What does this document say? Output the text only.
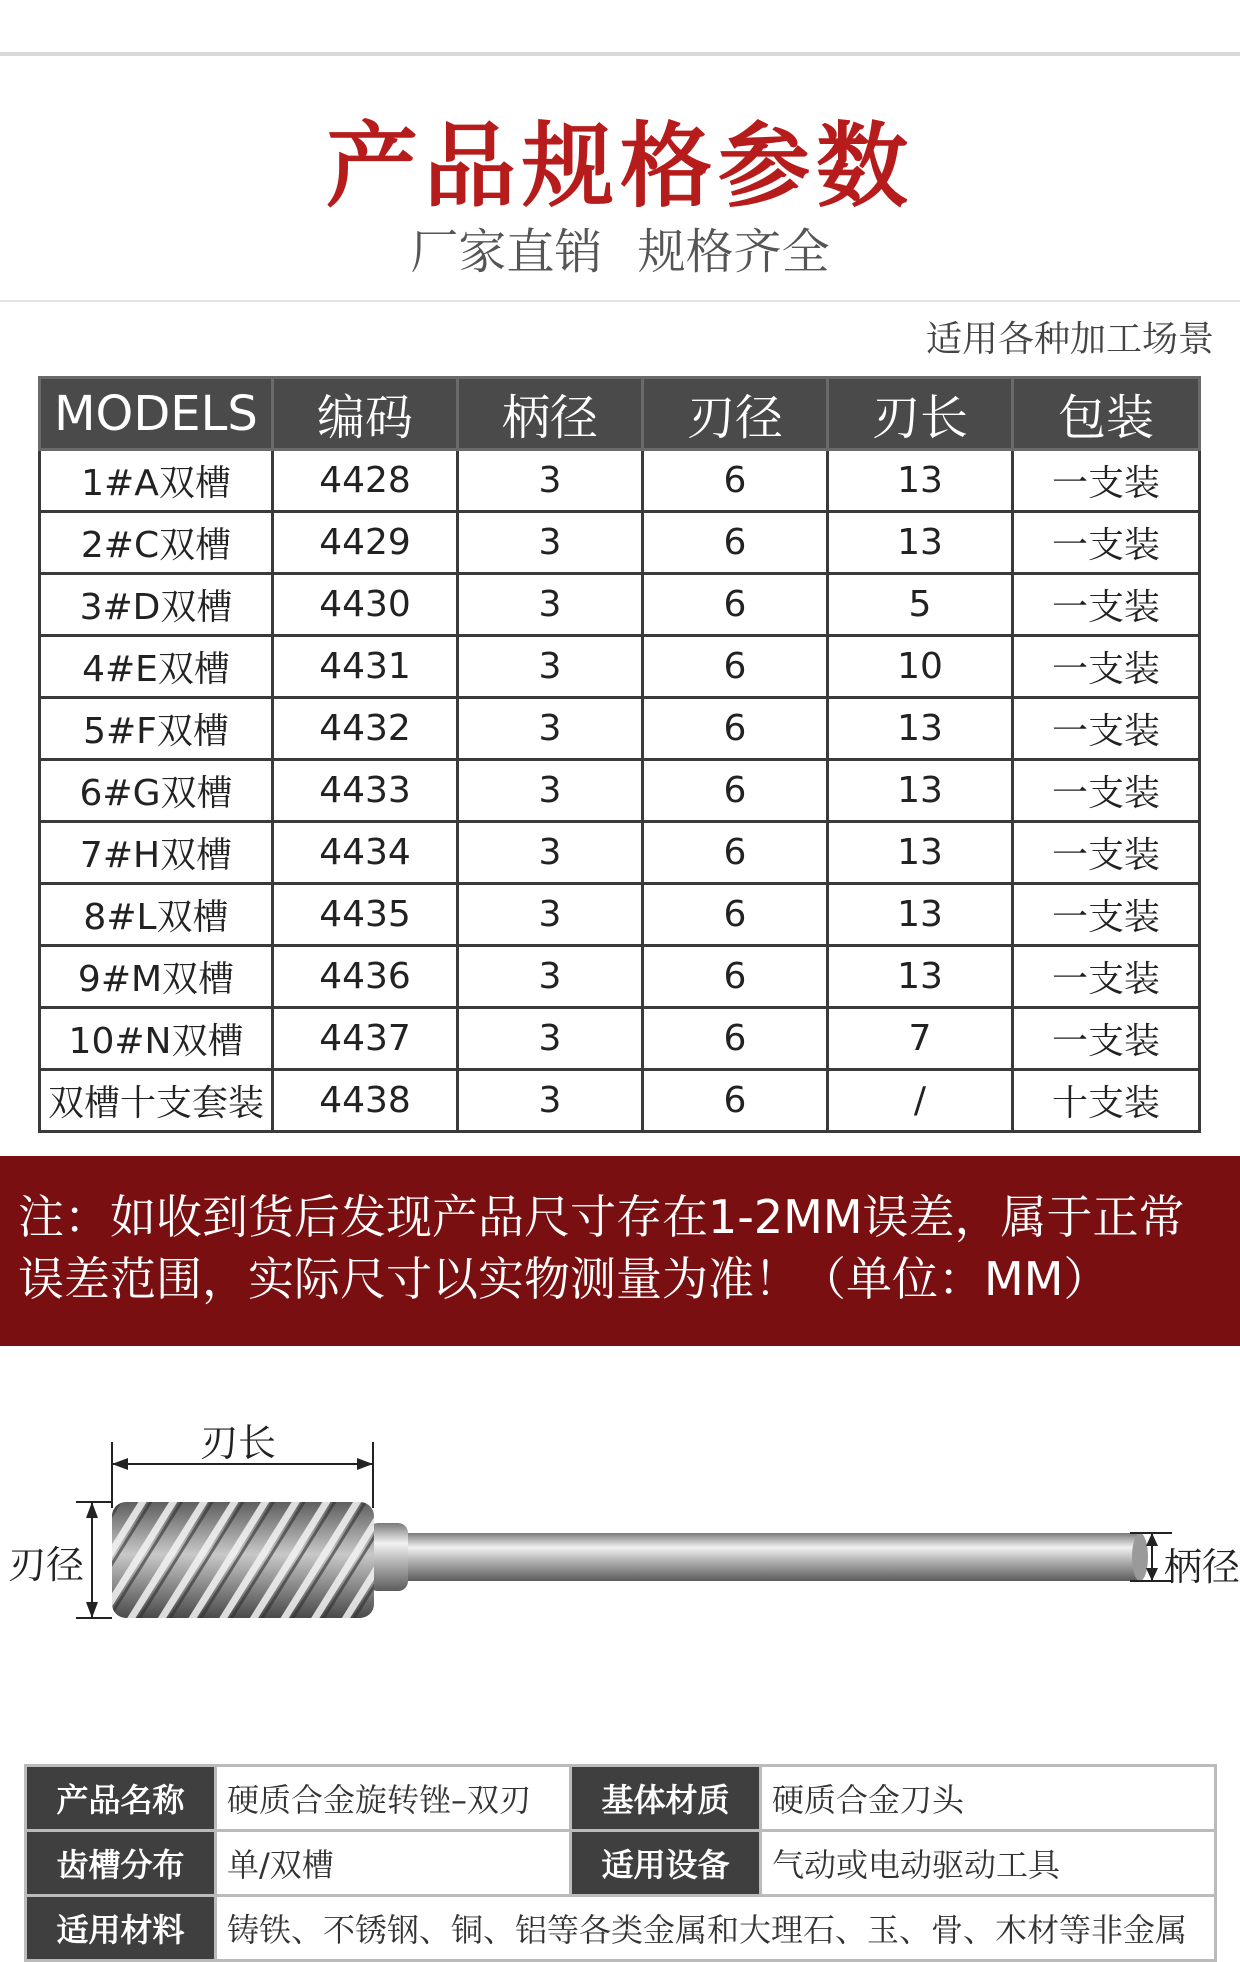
产品规格参数
厂家直销 规格齐全
适用各种加工场景
MODELS	编码	柄径	刃径	刃长	包装
1#A双槽	4428	3	6	13	一支装
2#C双槽	4429	3	6	13	一支装
3#D双槽	4430	3	6	5	一支装
4#E双槽	4431	3	6	10	一支装
5#F双槽	4432	3	6	13	一支装
6#G双槽	4433	3	6	13	一支装
7#H双槽	4434	3	6	13	一支装
8#L双槽	4435	3	6	13	一支装
9#M双槽	4436	3	6	13	一支装
10#N双槽	4437	3	6	7	一支装
双槽十支套装	4438	3	6	/	十支装
注：如收到货后发现产品尺寸存在1-2MM误差，属于正常
误差范围，实际尺寸以实物测量为准！（单位：MM）
刃长
刃径	柄径
产品名称	硬质合金旋转锉–双刃	基体材质	硬质合金刀头
齿槽分布	单/双槽	适用设备	气动或电动驱动工具
适用材料	铸铁、不锈钢、铜、铝等各类金属和大理石、玉、骨、木材等非金属		
